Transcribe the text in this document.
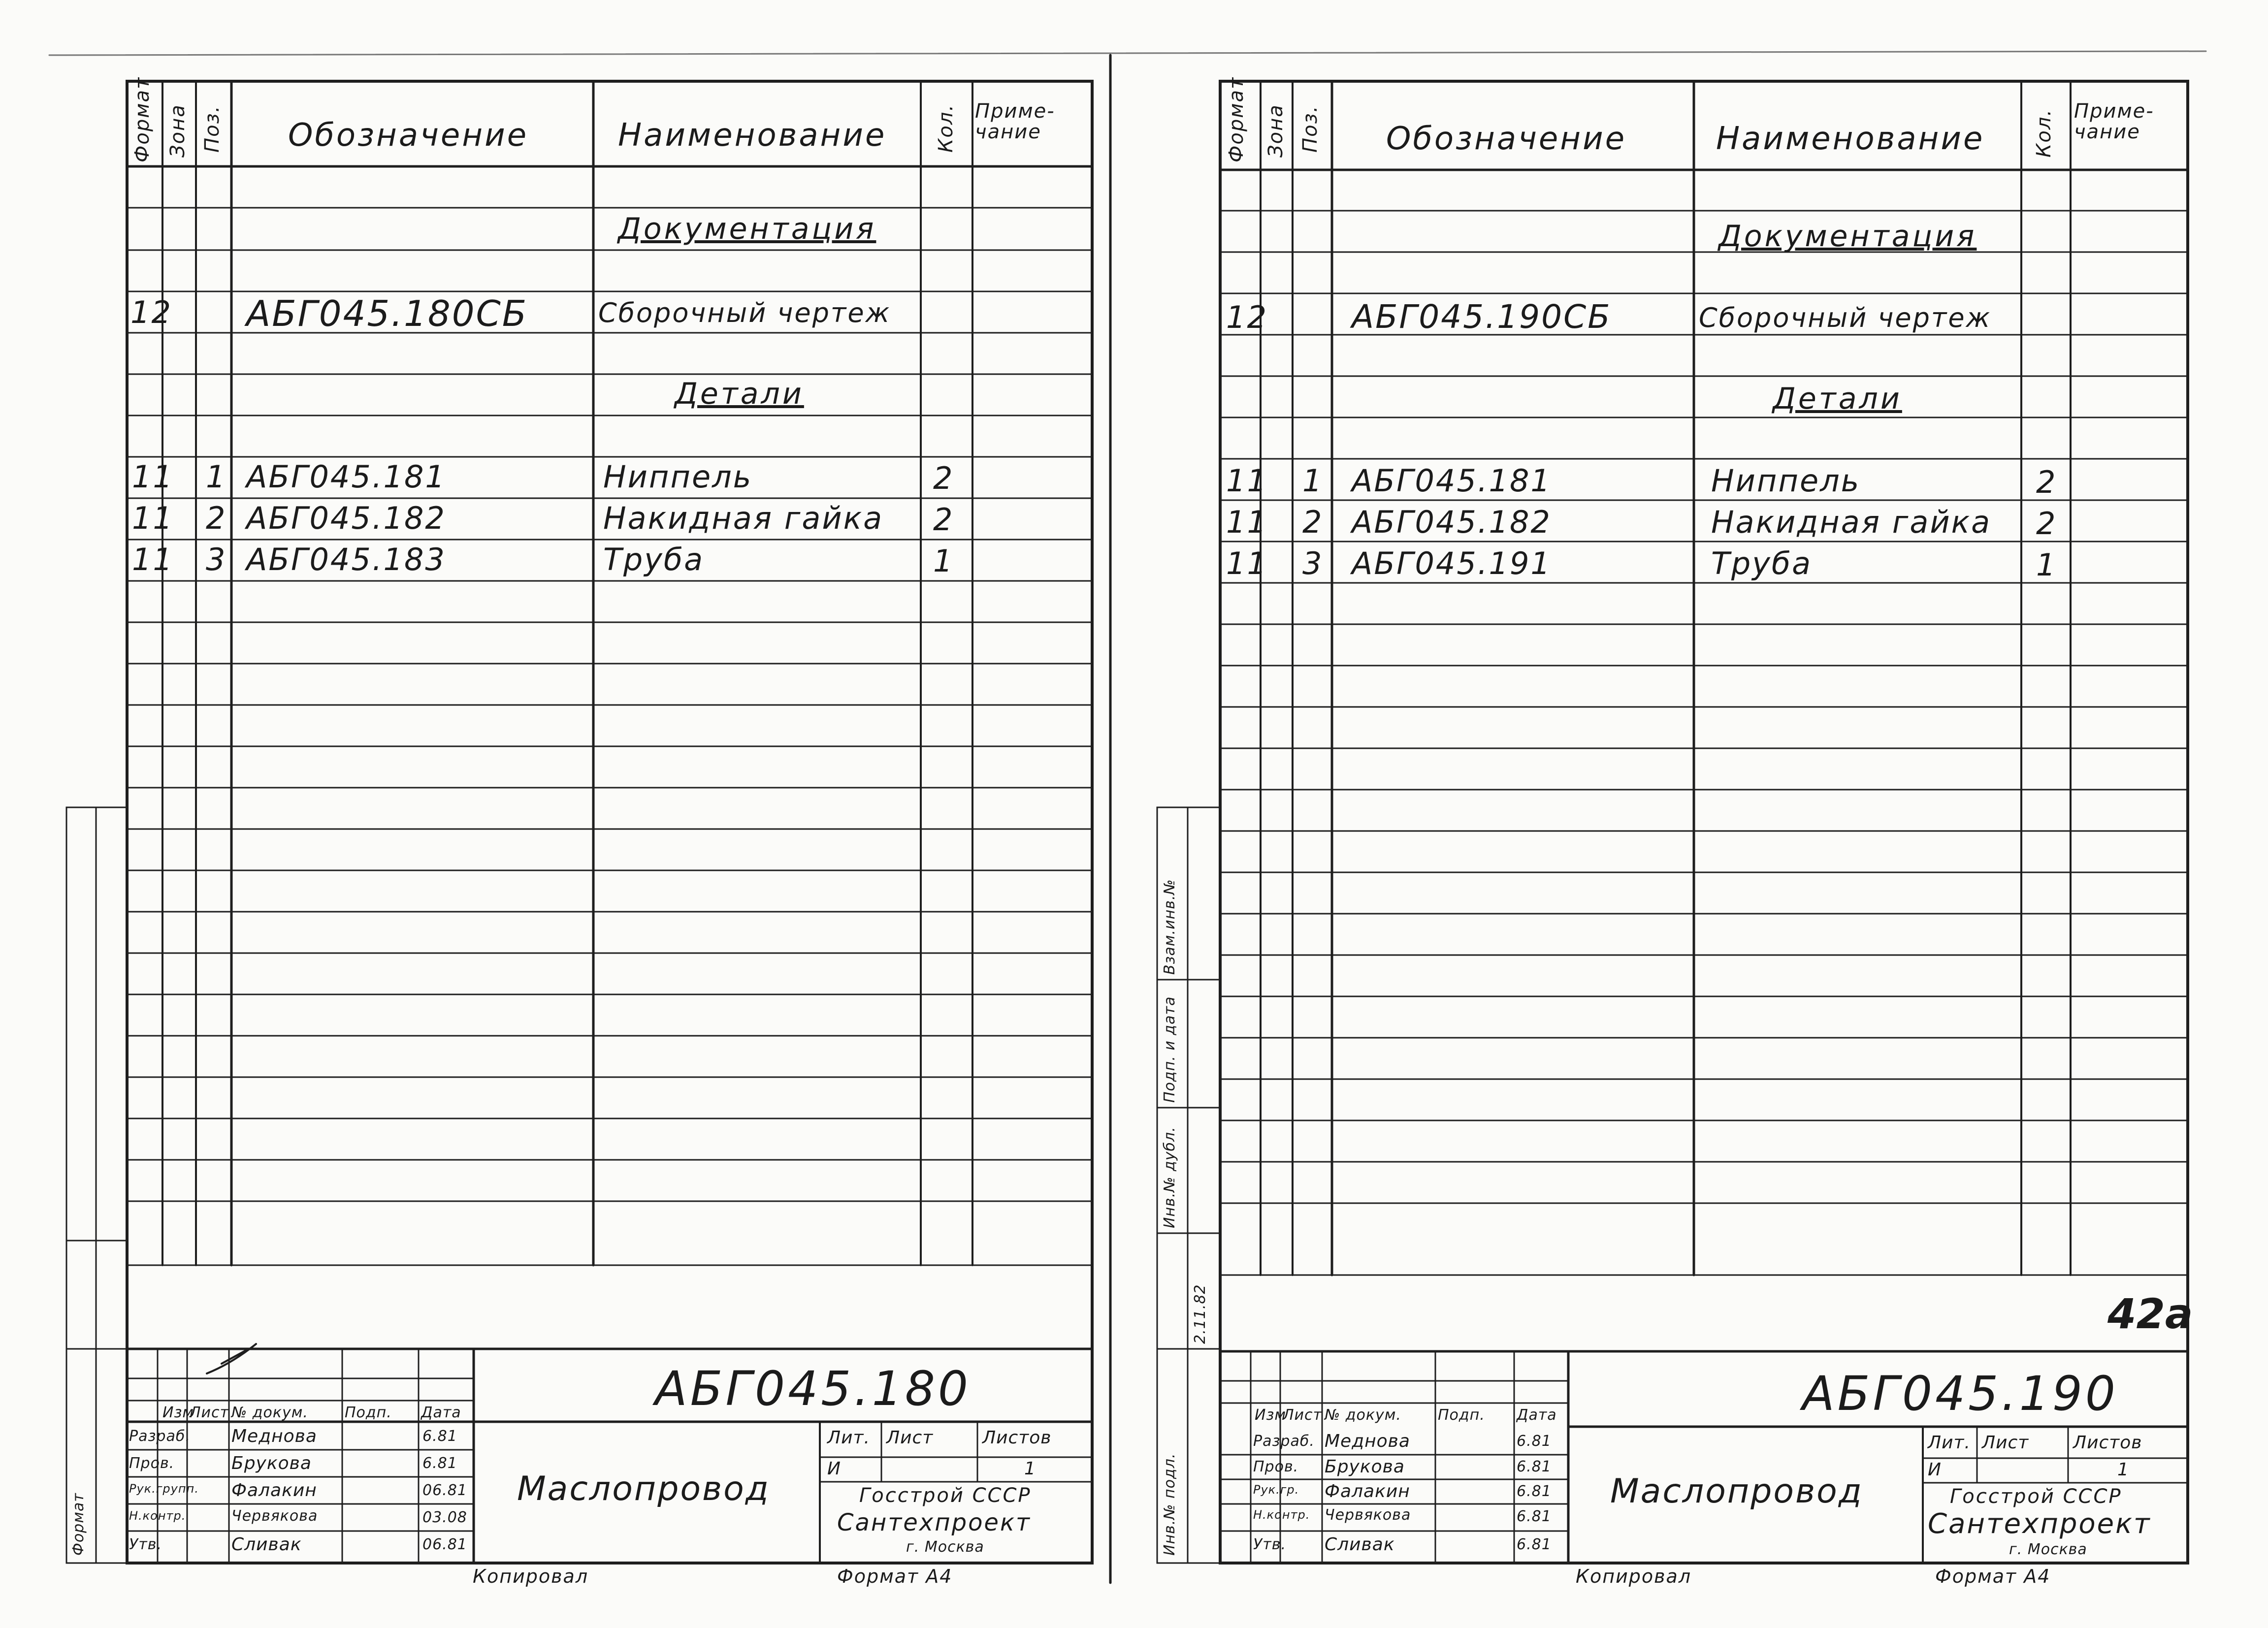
Формат Зона Поз. Обозначение	Наименование Кол. Приме-чание
Документация
Детали
12 АБГ045.180СБ	Сборочный чертеж
11 1 АБГ045.181	Ниппель	2
11 2 АБГ045.182	Накидная гайка 2
11 3 АБГ045.183	Труба	1
АБГ045.180
Маслопровод
Изм
Лист № докум. Подп. Дата
Разраб. Меднова	6.81
Пров.	Брукова	6.81
Рук.групп. Фалакин	06.81
Н.контр.	Червякова	03.08
Утв.	Сливак	06.81
Лит. Лист	Листов
И	1
Госстрой СССР
Сантехпроект
г. Москва
Формат
Копировал	Формат А4
Формат Зона Поз. Обозначение	Наименование Кол. Приме-чание
Документация
Детали
12	АБГ045.190СБ	Сборочный чертеж
11 1 АБГ045.181	Ниппель	2
11 2 АБГ045.182	Накидная гайка 2
11 3 АБГ045.191	Труба	1
42а
АБГ045.190
Маслопровод
Изм
Лист № докум. Подп. Дата
Разраб. Меднова	6.81
Пров. Брукова	6.81
Рук.гр. Фалакин	6.81
Н.контр. Червякова	6.81
Утв. Сливак	6.81
Лит. Лист Листов
И	1
Госстрой СССР
Сантехпроект
г. Москва
Инв.№ подл.
2.11.82
Инв.№ дубл.
Подп. и дата
Взам.инв.№
Копировал	Формат А4
